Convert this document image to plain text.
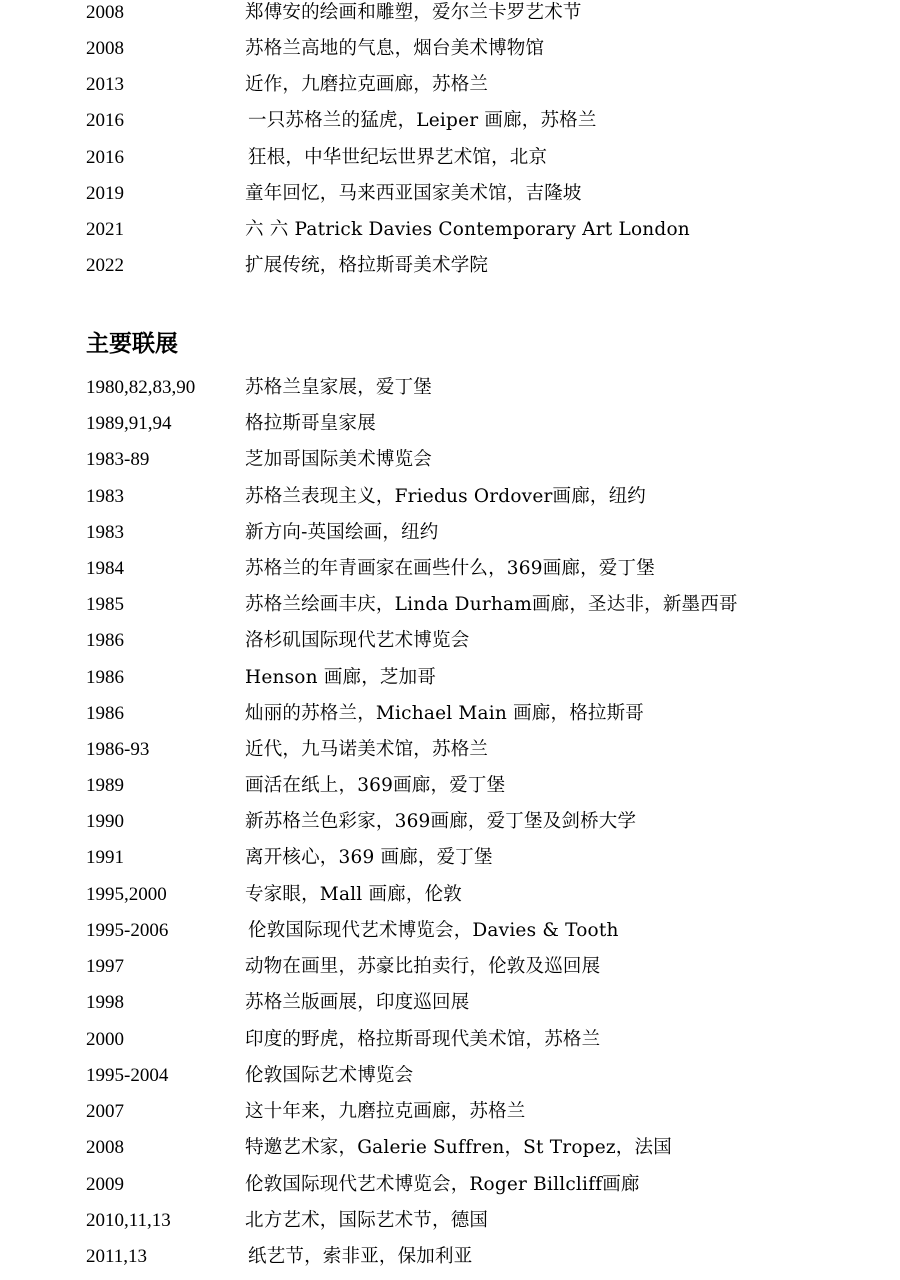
2008	郑傅安的绘画和雕塑，爱尔兰卡罗艺术节
2008	苏格兰高地的气息，烟台美术博物馆
2013	近作，九磨拉克画廊，苏格兰
2016	一只苏格兰的猛虎，Leiper 画廊，苏格兰
2016	狂根，中华世纪坛世界艺术馆，北京
2019	童年回忆，马来西亚国家美术馆，吉隆坡
2021	六 六 Patrick Davies Contemporary Art London
2022	扩展传统，格拉斯哥美术学院
主要联展
1980,82,83,90	苏格兰皇家展，爱丁堡
1989,91,94	格拉斯哥皇家展
1983-89	芝加哥国际美术博览会
1983	苏格兰表现主义，Friedus Ordover画廊，纽约
1983	新方向-英国绘画，纽约
1984	苏格兰的年青画家在画些什么，369画廊，爱丁堡
1985	苏格兰绘画丰庆，Linda Durham画廊，圣达非，新墨西哥
1986	洛杉矶国际现代艺术博览会
1986	Henson 画廊，芝加哥
1986	灿丽的苏格兰，Michael Main 画廊，格拉斯哥
1986-93	近代，九马诺美术馆，苏格兰
1989	画活在纸上，369画廊，爱丁堡
1990	新苏格兰色彩家，369画廊，爱丁堡及剑桥大学
1991	离开核心，369 画廊，爱丁堡
1995,2000	专家眼，Mall 画廊，伦敦
1995-2006	伦敦国际现代艺术博览会，Davies & Tooth
1997	动物在画里，苏豪比拍卖行，伦敦及巡回展
1998	苏格兰版画展，印度巡回展
2000	印度的野虎，格拉斯哥现代美术馆，苏格兰
1995-2004	伦敦国际艺术博览会
2007	这十年来，九磨拉克画廊，苏格兰
2008	特邀艺术家，Galerie Suffren，St Tropez，法国
2009	伦敦国际现代艺术博览会，Roger Billcliff画廊
2010,11,13	北方艺术，国际艺术节，德国
2011,13	纸艺节，索非亚，保加利亚
